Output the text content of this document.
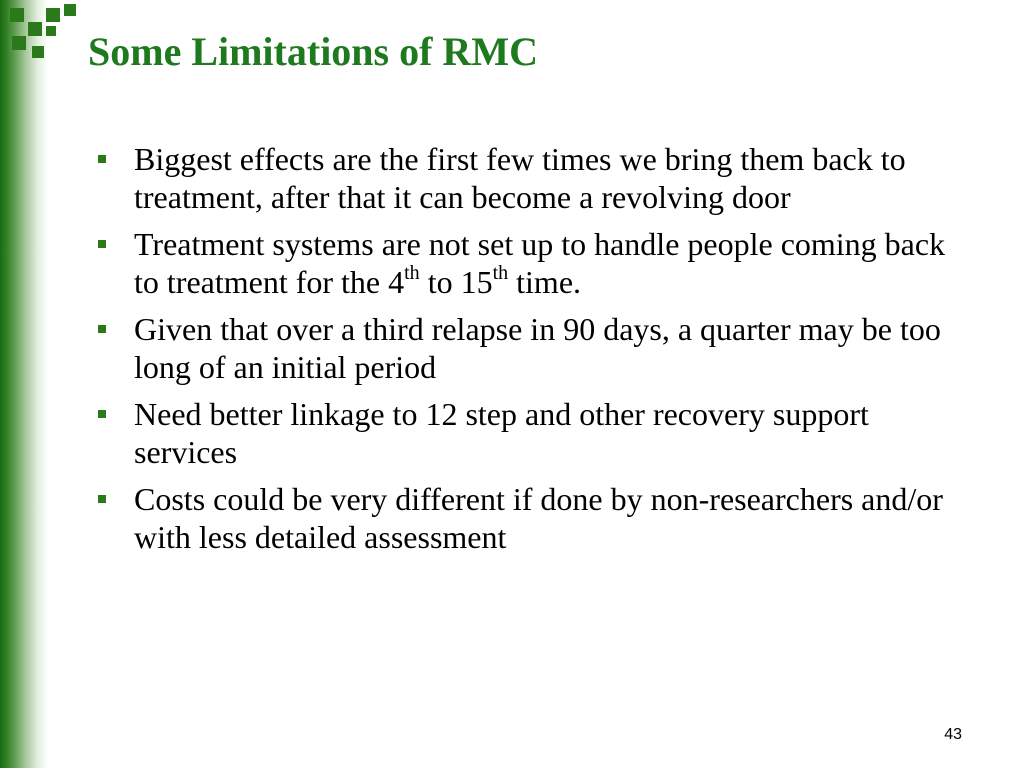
Some Limitations of RMC
Biggest effects are the first few times we bring them back to treatment, after that it can become a revolving door
Treatment systems are not set up to handle people coming back to treatment for the 4th to 15th time.
Given that over a third relapse in 90 days, a quarter may be too long of an initial period
Need better linkage to 12 step and other recovery support services
Costs could be very different if done by non-researchers and/or with less detailed assessment
43
